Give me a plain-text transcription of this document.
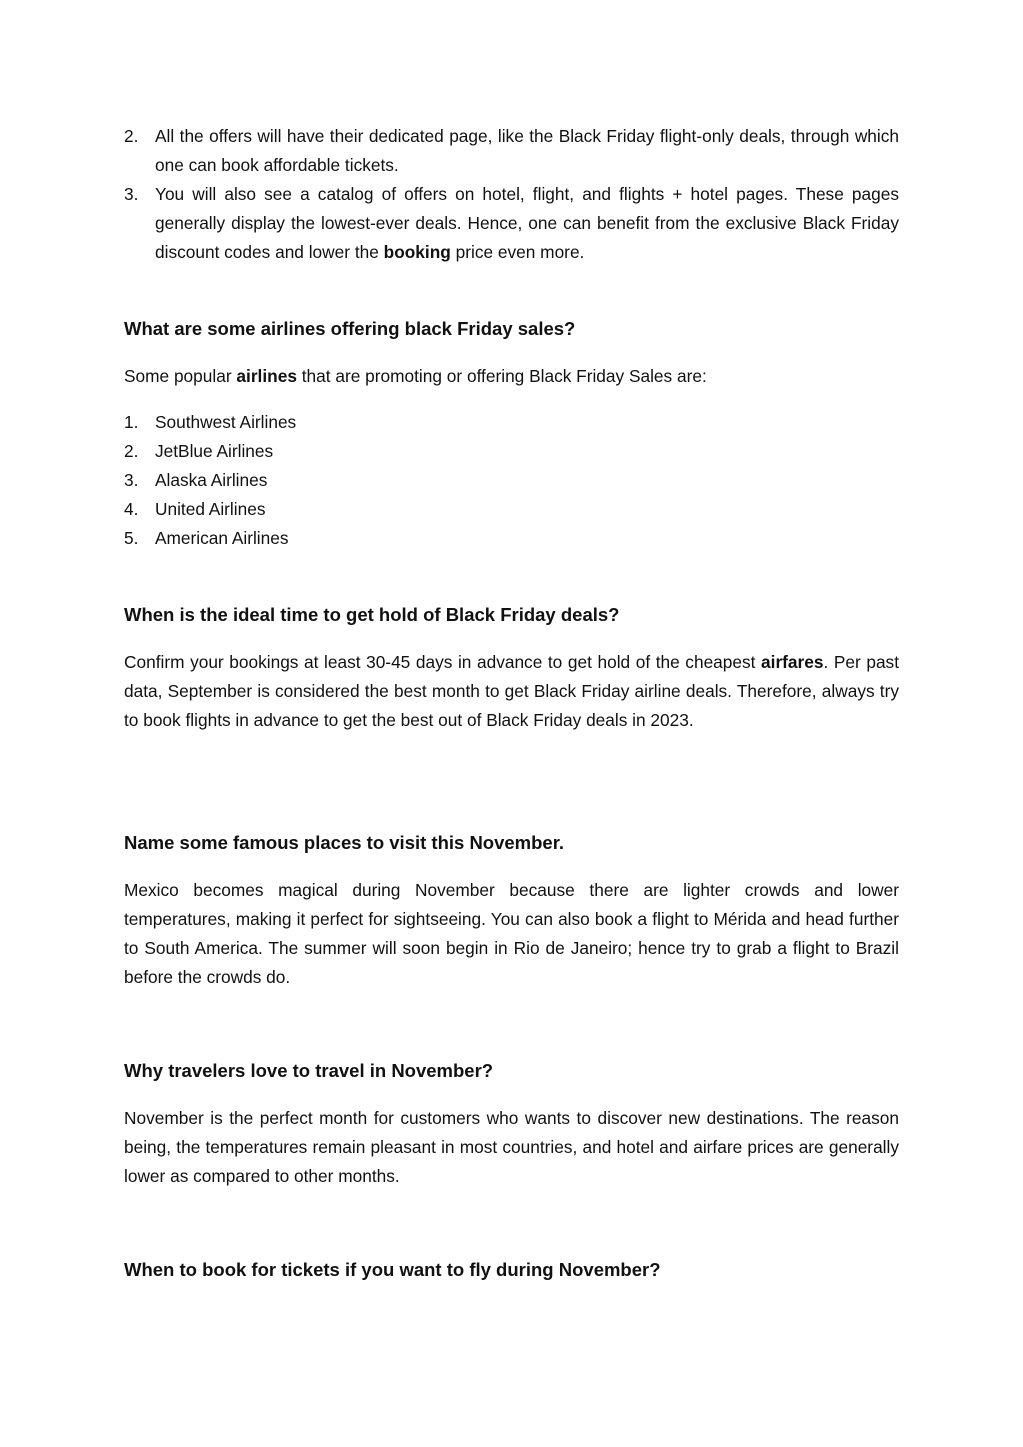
2. All the offers will have their dedicated page, like the Black Friday flight-only deals, through which one can book affordable tickets.
3. You will also see a catalog of offers on hotel, flight, and flights + hotel pages. These pages generally display the lowest-ever deals. Hence, one can benefit from the exclusive Black Friday discount codes and lower the booking price even more.
What are some airlines offering black Friday sales?

Some popular airlines that are promoting or offering Black Friday Sales are:

1. Southwest Airlines
2. JetBlue Airlines
3. Alaska Airlines
4. United Airlines
5. American Airlines
When is the ideal time to get hold of Black Friday deals?

Confirm your bookings at least 30-45 days in advance to get hold of the cheapest airfares. Per past data, September is considered the best month to get Black Friday airline deals. Therefore, always try to book flights in advance to get the best out of Black Friday deals in 2023.

Name some famous places to visit this November.

Mexico becomes magical during November because there are lighter crowds and lower temperatures, making it perfect for sightseeing. You can also book a flight to Mérida and head further to South America. The summer will soon begin in Rio de Janeiro; hence try to grab a flight to Brazil before the crowds do.

Why travelers love to travel in November?

November is the perfect month for customers who wants to discover new destinations. The reason being, the temperatures remain pleasant in most countries, and hotel and airfare prices are generally lower as compared to other months.

When to book for tickets if you want to fly during November?
